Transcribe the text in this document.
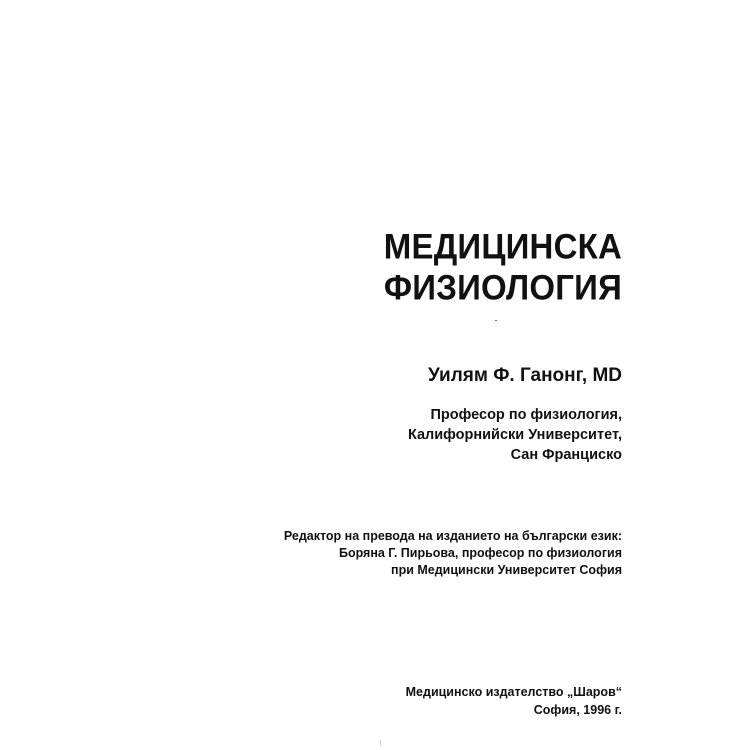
МЕДИЦИНСКА
ФИЗИОЛОГИЯ
Уилям Ф. Ганонг, MD
Професор по физиология,
Калифорнийски Университет,
Сан Франциско
Редактор на превода на изданието на български език:
Боряна Г. Пирьова, професор по физиология
при Медицински Университет София
Медицинско издателство „Шаров“
София, 1996 г.
